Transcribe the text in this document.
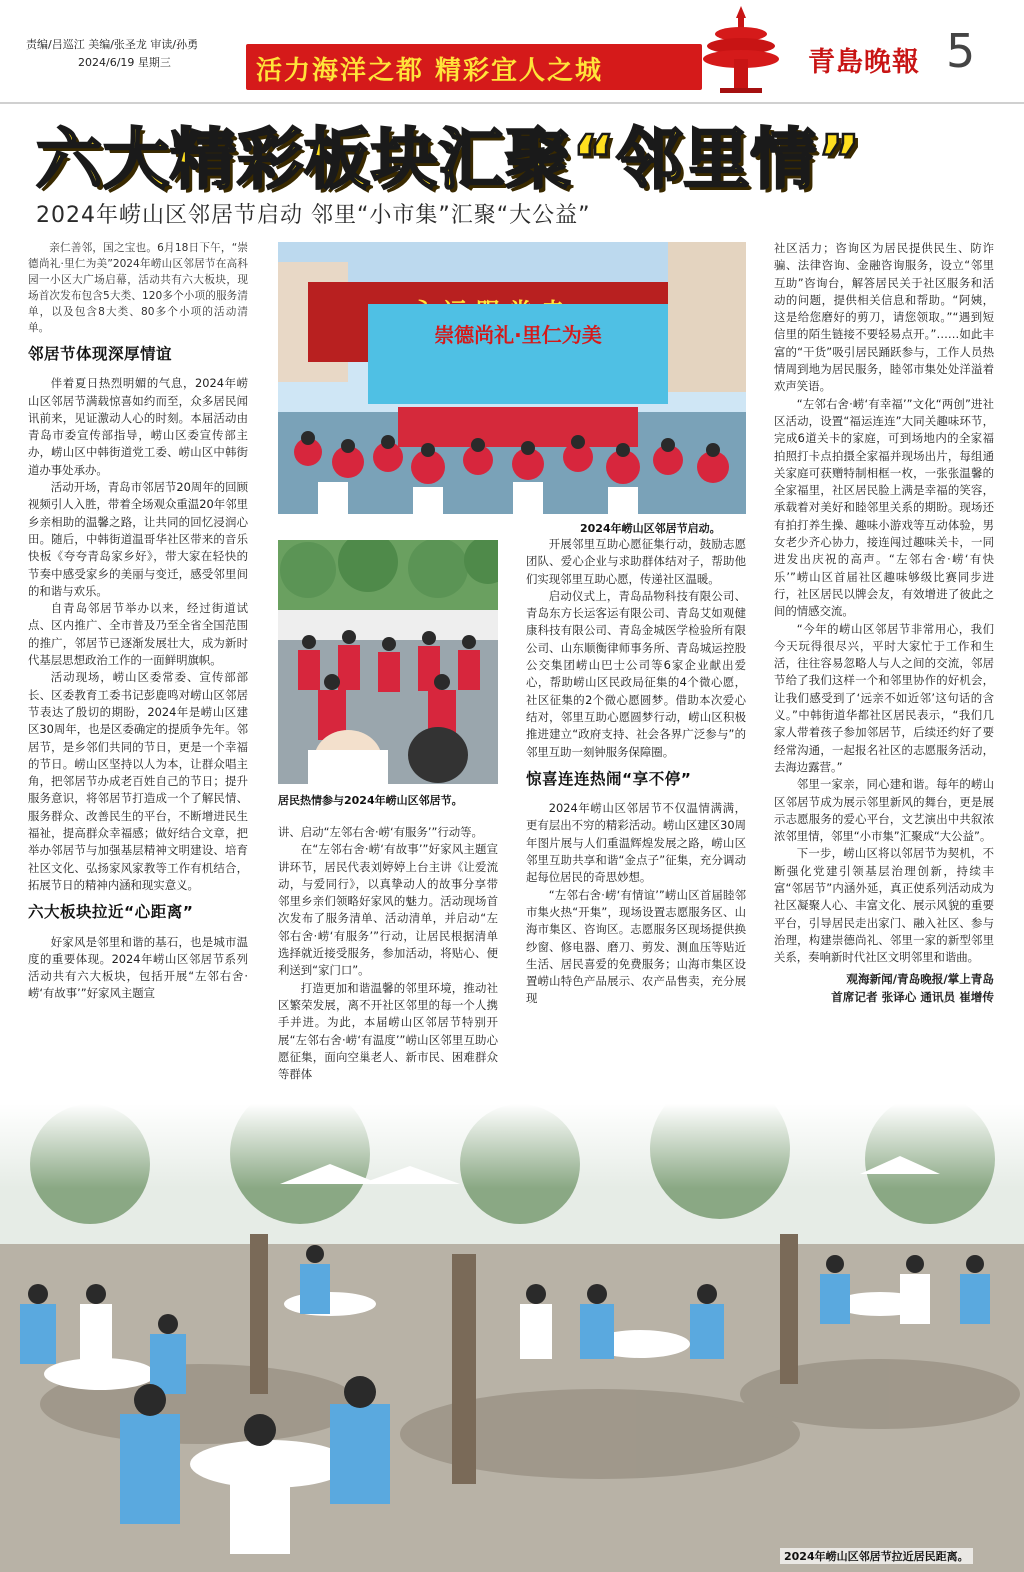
责编/吕巡江 美编/张圣龙 审读/孙勇
2024/6/19 星期三	活力海洋之都 精彩宜人之城	青島晚報 5
六大精彩板块汇聚“邻里情”
2024年崂山区邻居节启动 邻里“小市集”汇聚“大公益”

亲仁善邻，国之宝也。6月18日下午，“崇德尚礼·里仁为美”2024年崂山区邻居节在高科园一小区大广场启幕，活动共有六大板块，现场首次发布包含5大类、120多个小项的服务清单，以及包含8大类、80多个小项的活动清单。

邻居节体现深厚情谊

伴着夏日热烈明媚的气息，2024年崂山区邻居节满载惊喜如约而至，众多居民闻讯前来，见证激动人心的时刻。本届活动由青岛市委宣传部指导，崂山区委宣传部主办，崂山区中韩街道党工委、崂山区中韩街道办事处承办。

活动开场，青岛市邻居节20周年的回顾视频引人入胜，带着全场观众重温20年邻里乡亲相助的温馨之路，让共同的回忆浸润心田。随后，中韩街道温哥华社区带来的音乐快板《夸夸青岛家乡好》，带大家在轻快的节奏中感受家乡的美丽与变迁，感受邻里间的和谐与欢乐。

自青岛邻居节举办以来，经过街道试点、区内推广、全市普及乃至全省全国范围的推广，邻居节已逐渐发展壮大，成为新时代基层思想政治工作的一面鲜明旗帜。

活动现场，崂山区委常委、宣传部部长、区委教育工委书记彭鹿鸣对崂山区邻居节表达了殷切的期盼，2024年是崂山区建区30周年，也是区委确定的提质争先年。邻居节，是乡邻们共同的节日，更是一个幸福的节日。崂山区坚持以人为本，让群众唱主角，把邻居节办成老百姓自己的节日；提升服务意识，将邻居节打造成一个了解民情、服务群众、改善民生的平台，不断增进民生福祉，提高群众幸福感；做好结合文章，把举办邻居节与加强基层精神文明建设、培育社区文化、弘扬家风家教等工作有机结合，拓展节日的精神内涵和现实意义。

六大板块拉近“心距离”

好家风是邻里和谐的基石，也是城市温度的重要体现。2024年崂山区邻居节系列活动共有六大板块，包括开展“左邻右舍·崂‘有故事’”好家风主题宣

崇德尚礼·里仁为美
2024年崂山区邻居节启动。
居民热情参与2024年崂山区邻居节。

讲、启动“左邻右舍·崂‘有服务’”行动等。

在“左邻右舍·崂‘有故事’”好家风主题宣讲环节，居民代表刘婷婷上台主讲《让爱流动，与爱同行》，以真挚动人的故事分享带邻里乡亲们领略好家风的魅力。活动现场首次发布了服务清单、活动清单，并启动“左邻右舍·崂‘有服务’”行动，让居民根据清单选择就近接受服务，参加活动，将贴心、便利送到“家门口”。

打造更加和谐温馨的邻里环境，推动社区繁荣发展，离不开社区邻里的每一个人携手并进。为此，本届崂山区邻居节特别开展“左邻右舍·崂‘有温度’”崂山区邻里互助心愿征集，面向空巢老人、新市民、困难群众等群体

开展邻里互助心愿征集行动，鼓励志愿团队、爱心企业与求助群体结对子，帮助他们实现邻里互助心愿，传递社区温暖。

启动仪式上，青岛品物科技有限公司、青岛东方长运客运有限公司、青岛艾如观健康科技有限公司、青岛金城医学检验所有限公司、山东顺衡律师事务所、青岛城运控股公交集团崂山巴士公司等6家企业献出爱心，帮助崂山区民政局征集的4个微心愿，社区征集的2个微心愿圆梦。借助本次爱心结对，邻里互助心愿圆梦行动，崂山区积极推进建立“政府支持、社会各界广泛参与”的邻里互助一刻钟服务保障圈。

惊喜连连热闹“享不停”

2024年崂山区邻居节不仅温情满满，更有层出不穷的精彩活动。崂山区建区30周年图片展与人们重温辉煌发展之路，崂山区邻里互助共享和谐“金点子”征集，充分调动起每位居民的奇思妙想。

“左邻右舍·崂‘有情谊’”崂山区首届睦邻市集火热“开集”，现场设置志愿服务区、山海市集区、咨询区。志愿服务区现场提供换纱窗、修电器、磨刀、剪发、测血压等贴近生活、居民喜爱的免费服务；山海市集区设置崂山特色产品展示、农产品售卖，充分展现

社区活力；咨询区为居民提供民生、防诈骗、法律咨询、金融咨询服务，设立“邻里互助”咨询台，解答居民关于社区服务和活动的问题，提供相关信息和帮助。“阿姨，这是给您磨好的剪刀，请您领取。”“遇到短信里的陌生链接不要轻易点开。”……如此丰富的“干货”吸引居民踊跃参与，工作人员热情周到地为居民服务，睦邻市集处处洋溢着欢声笑语。

“左邻右舍·崂‘有幸福’”文化“两创”进社区活动，设置“福运连连”大同关趣味环节，完成6道关卡的家庭，可到场地内的全家福拍照打卡点拍摄全家福并现场出片，每组通关家庭可获赠特制相框一枚，一张张温馨的全家福里，社区居民脸上满是幸福的笑容，承载着对美好和睦邻里关系的期盼。现场还有拍打养生操、趣味小游戏等互动体验，男女老少齐心协力，接连闯过趣味关卡，一同进发出庆祝的高声。“左邻右舍·崂‘有快乐’”崂山区首届社区趣味够级比赛同步进行，社区居民以牌会友，有效增进了彼此之间的情感交流。

“今年的崂山区邻居节非常用心，我们今天玩得很尽兴，平时大家忙于工作和生活，往往容易忽略人与人之间的交流，邻居节给了我们这样一个和邻里协作的好机会，让我们感受到了‘远亲不如近邻’这句话的含义。”中韩街道华都社区居民表示，“我们几家人带着孩子参加邻居节，后续还约好了要经常沟通，一起报名社区的志愿服务活动，去海边露营。”

邻里一家亲，同心建和谐。每年的崂山区邻居节成为展示邻里新风的舞台，更是展示志愿服务的爱心平台，文艺演出中共叙浓浓邻里情，邻里“小市集”汇聚成“大公益”。

下一步，崂山区将以邻居节为契机，不断强化党建引领基层治理创新，持续丰富“邻居节”内涵外延，真正使系列活动成为社区凝聚人心、丰富文化、展示风貌的重要平台，引导居民走出家门、融入社区、参与治理，构建崇德尚礼、邻里一家的新型邻里关系，奏响新时代社区文明邻里和谐曲。

观海新闻/青岛晚报/掌上青岛
首席记者 张译心 通讯员 崔增传
2024年崂山区邻居节拉近居民距离。
